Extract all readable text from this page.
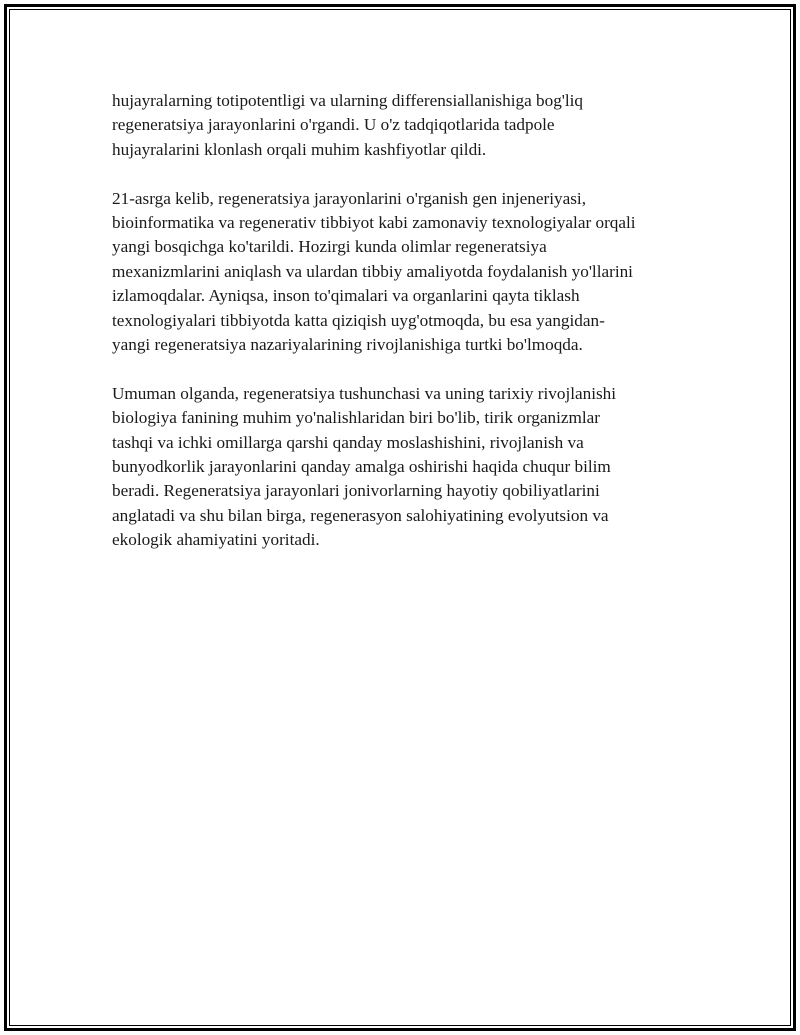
hujayralarning totipotentligi va ularning differensiallanishiga bog'liq
regeneratsiya jarayonlarini o'rgandi. U o'z tadqiqotlarida tadpole
hujayralarini klonlash orqali muhim kashfiyotlar qildi.

21-asrga kelib, regeneratsiya jarayonlarini o'rganish gen injeneriyasi,
bioinformatika va regenerativ tibbiyot kabi zamonaviy texnologiyalar orqali
yangi bosqichga ko'tarildi. Hozirgi kunda olimlar regeneratsiya
mexanizmlarini aniqlash va ulardan tibbiy amaliyotda foydalanish yo'llarini
izlamoqdalar. Ayniqsa, inson to'qimalari va organlarini qayta tiklash
texnologiyalari tibbiyotda katta qiziqish uyg'otmoqda, bu esa yangidan-
yangi regeneratsiya nazariyalarining rivojlanishiga turtki bo'lmoqda.

Umuman olganda, regeneratsiya tushunchasi va uning tarixiy rivojlanishi
biologiya fanining muhim yo'nalishlaridan biri bo'lib, tirik organizmlar
tashqi va ichki omillarga qarshi qanday moslashishini, rivojlanish va
bunyodkorlik jarayonlarini qanday amalga oshirishi haqida chuqur bilim
beradi. Regeneratsiya jarayonlari jonivorlarning hayotiy qobiliyatlarini
anglatadi va shu bilan birga, regenerasyon salohiyatining evolyutsion va
ekologik ahamiyatini yoritadi.
